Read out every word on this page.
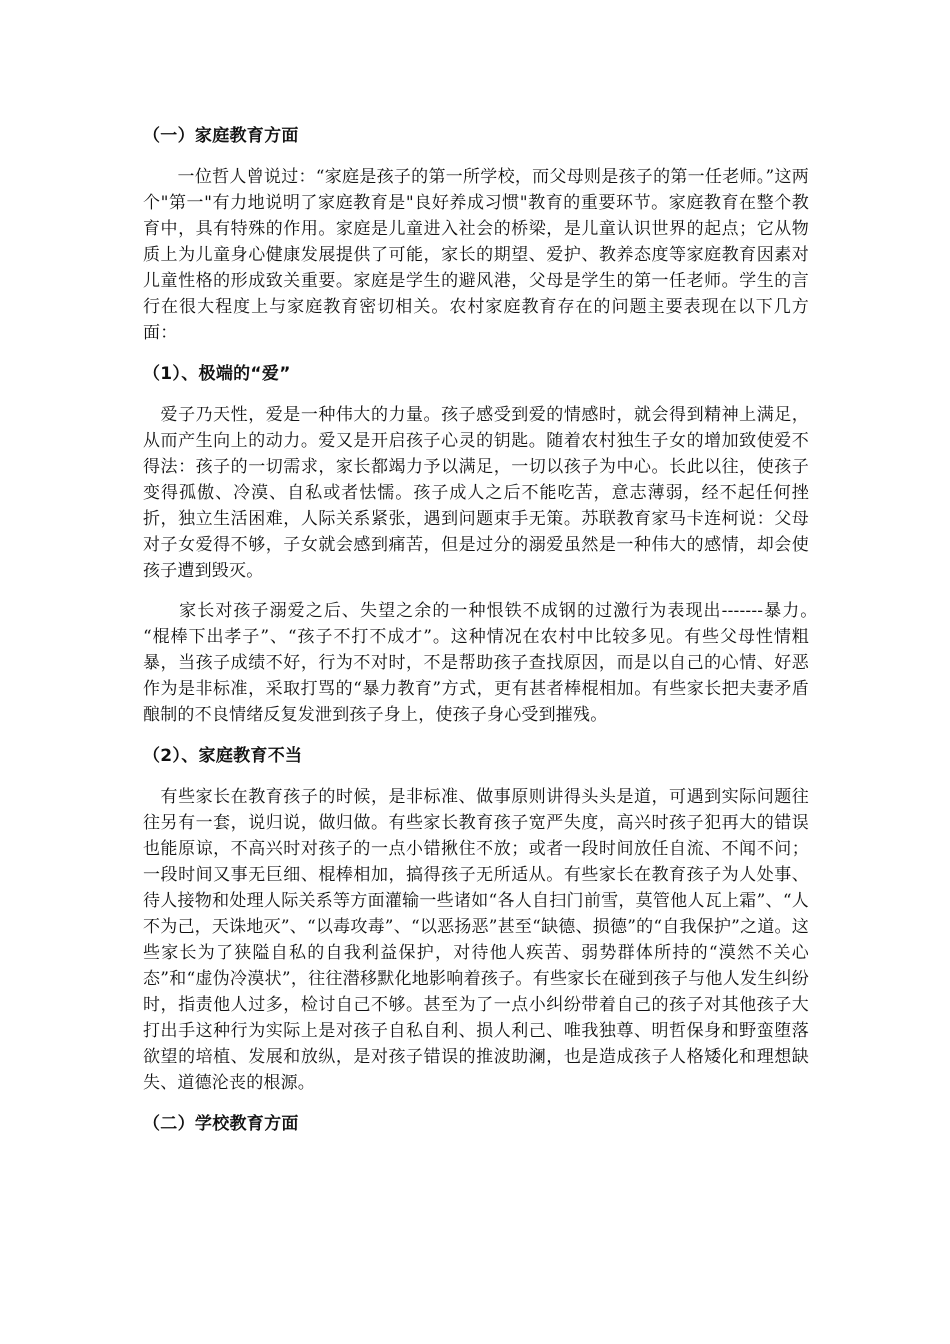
（一）家庭教育方面

　　一位哲人曾说过：“家庭是孩子的第一所学校，而父母则是孩子的第一任老师。”这两个"第一"有力地说明了家庭教育是"良好养成习惯"教育的重要环节。家庭教育在整个教育中，具有特殊的作用。家庭是儿童进入社会的桥梁，是儿童认识世界的起点；它从物质上为儿童身心健康发展提供了可能，家长的期望、爱护、教养态度等家庭教育因素对儿童性格的形成致关重要。家庭是学生的避风港，父母是学生的第一任老师。学生的言行在很大程度上与家庭教育密切相关。农村家庭教育存在的问题主要表现在以下几方面：

（1）、极端的“爱”

　爱子乃天性，爱是一种伟大的力量。孩子感受到爱的情感时，就会得到精神上满足，从而产生向上的动力。爱又是开启孩子心灵的钥匙。随着农村独生子女的增加致使爱不得法：孩子的一切需求，家长都竭力予以满足，一切以孩子为中心。长此以往，使孩子变得孤傲、冷漠、自私或者怯懦。孩子成人之后不能吃苦，意志薄弱，经不起任何挫折，独立生活困难，人际关系紧张，遇到问题束手无策。苏联教育家马卡连柯说：父母对子女爱得不够，子女就会感到痛苦，但是过分的溺爱虽然是一种伟大的感情，却会使孩子遭到毁灭。

　　家长对孩子溺爱之后、失望之余的一种恨铁不成钢的过激行为表现出-------暴力。　“棍棒下出孝子”、“孩子不打不成才”。这种情况在农村中比较多见。有些父母性情粗暴，当孩子成绩不好，行为不对时，不是帮助孩子查找原因，而是以自己的心情、好恶作为是非标准，采取打骂的“暴力教育”方式，更有甚者棒棍相加。有些家长把夫妻矛盾酿制的不良情绪反复发泄到孩子身上，使孩子身心受到摧残。

（2）、家庭教育不当

　有些家长在教育孩子的时候，是非标准、做事原则讲得头头是道，可遇到实际问题往往另有一套，说归说，做归做。有些家长教育孩子宽严失度，高兴时孩子犯再大的错误也能原谅，不高兴时对孩子的一点小错揪住不放；或者一段时间放任自流、不闻不问；一段时间又事无巨细、棍棒相加，搞得孩子无所适从。有些家长在教育孩子为人处事、待人接物和处理人际关系等方面灌输一些诸如“各人自扫门前雪，莫管他人瓦上霜”、“人不为己，天诛地灭”、“以毒攻毒”、“以恶扬恶”甚至“缺德、损德”的“自我保护”之道。这些家长为了狭隘自私的自我利益保护，对待他人疾苦、弱势群体所持的“漠然不关心态”和“虚伪冷漠状”，往往潜移默化地影响着孩子。有些家长在碰到孩子与他人发生纠纷时，指责他人过多，检讨自己不够。甚至为了一点小纠纷带着自己的孩子对其他孩子大打出手这种行为实际上是对孩子自私自利、损人利己、唯我独尊、明哲保身和野蛮堕落欲望的培植、发展和放纵，是对孩子错误的推波助澜，也是造成孩子人格矮化和理想缺失、道德沦丧的根源。

（二）学校教育方面
